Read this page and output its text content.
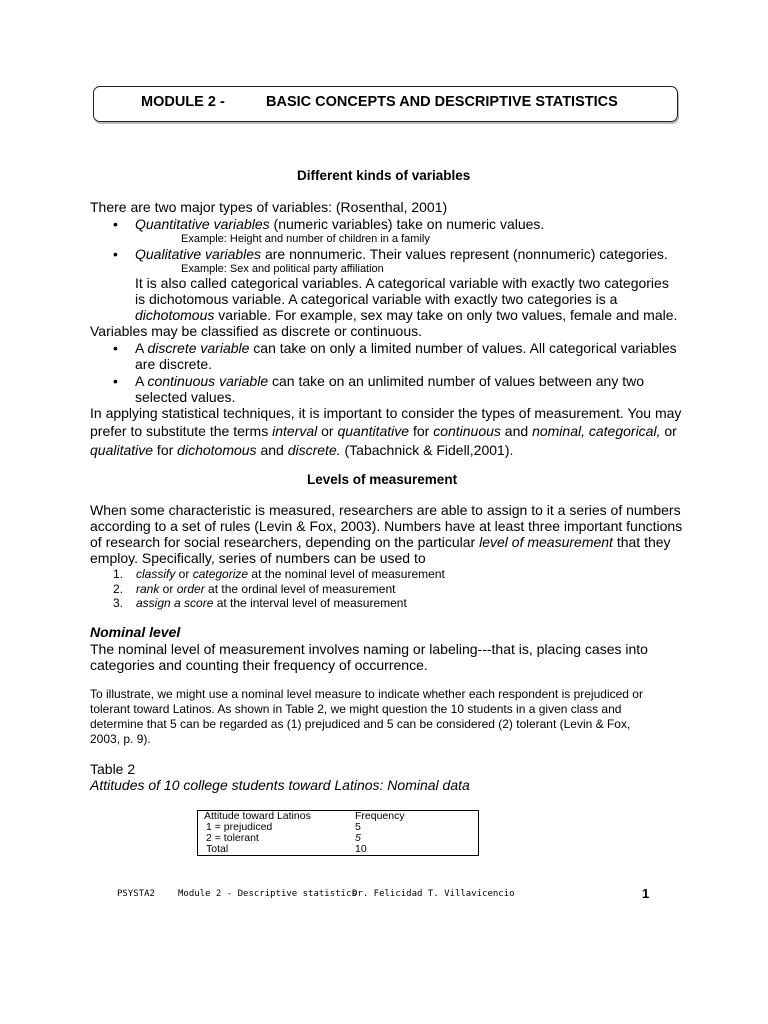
MODULE 2 -	BASIC CONCEPTS AND DESCRIPTIVE STATISTICS
Different kinds of variables
There are two major types of variables: (Rosenthal, 2001)
• Quantitative variables (numeric variables) take on numeric values.
Example: Height and number of children in a family
• Qualitative variables are nonnumeric. Their values represent (nonnumeric) categories.
Example: Sex and political party affiliation
It is also called categorical variables. A categorical variable with exactly two categories
is dichotomous variable. A categorical variable with exactly two categories is a
dichotomous variable. For example, sex may take on only two values, female and male.
Variables may be classified as discrete or continuous.
• A discrete variable can take on only a limited number of values. All categorical variables
are discrete.
• A continuous variable can take on an unlimited number of values between any two
selected values.
In applying statistical techniques, it is important to consider the types of measurement. You may
prefer to substitute the terms interval or quantitative for continuous and nominal, categorical, or
qualitative for dichotomous and discrete. (Tabachnick & Fidell,2001).
Levels of measurement
When some characteristic is measured, researchers are able to assign to it a series of numbers
according to a set of rules (Levin & Fox, 2003). Numbers have at least three important functions
of research for social researchers, depending on the particular level of measurement that they
employ. Specifically, series of numbers can be used to
1. classify or categorize at the nominal level of measurement
2. rank or order at the ordinal level of measurement
3. assign a score at the interval level of measurement
Nominal level
The nominal level of measurement involves naming or labeling---that is, placing cases into
categories and counting their frequency of occurrence.
To illustrate, we might use a nominal level measure to indicate whether each respondent is prejudiced or
tolerant toward Latinos. As shown in Table 2, we might question the 10 students in a given class and
determine that 5 can be regarded as (1) prejudiced and 5 can be considered (2) tolerant (Levin & Fox,
2003, p. 9).
Table 2
Attitudes of 10 college students toward Latinos: Nominal data
Attitude toward Latinos	Frequency
1 = prejudiced	5
2 = tolerant	5
Total	10
PSYSTA2	Module 2 - Descriptive statistics
Dr. Felicidad T. Villavicencio	1
